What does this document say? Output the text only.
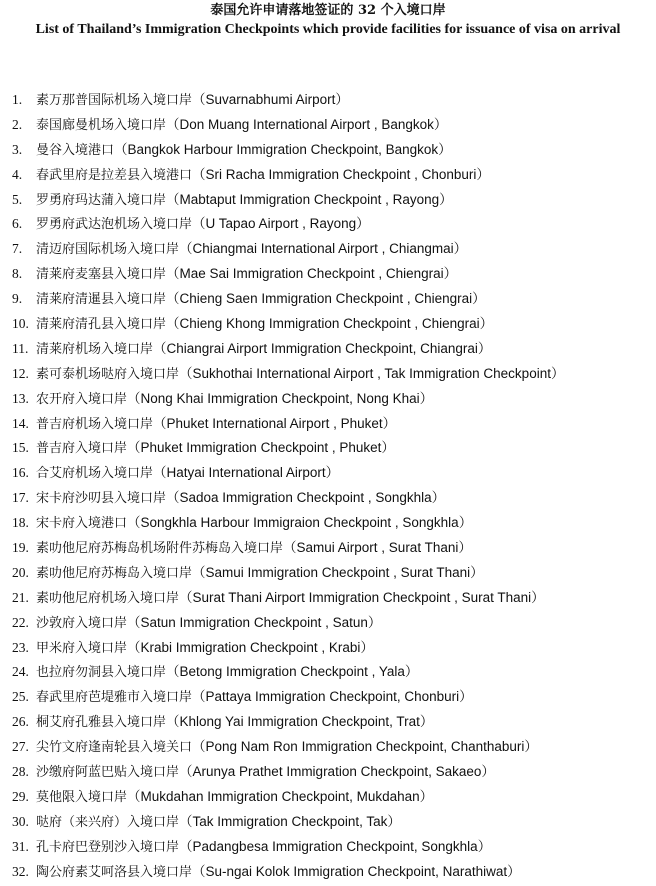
泰国允许申请落地签证的 32 个入境口岸
List of Thailand’s Immigration Checkpoints which provide facilities for issuance of visa on arrival
1.	素万那普国际机场入境口岸（Suvarnabhumi Airport）
2.	泰国廊曼机场入境口岸（Don Muang International Airport , Bangkok）
3.	曼谷入境港口（Bangkok Harbour Immigration Checkpoint, Bangkok）
4.	春武里府是拉差县入境港口（Sri Racha Immigration Checkpoint , Chonburi）
5.	罗勇府玛达蒲入境口岸（Mabtaput Immigration Checkpoint , Rayong）
6.	罗勇府武达泡机场入境口岸（U Tapao Airport , Rayong）
7.	清迈府国际机场入境口岸（Chiangmai International Airport , Chiangmai）
8.	清莱府麦塞县入境口岸（Mae Sai Immigration Checkpoint , Chiengrai）
9.	清莱府清暹县入境口岸（Chieng Saen Immigration Checkpoint , Chiengrai）
10. 清莱府清孔县入境口岸（Chieng Khong Immigration Checkpoint , Chiengrai）
11. 清莱府机场入境口岸（Chiangrai Airport Immigration Checkpoint, Chiangrai）
12. 素可泰机场哒府入境口岸（Sukhothai International Airport , Tak Immigration Checkpoint）
13. 农开府入境口岸（Nong Khai Immigration Checkpoint, Nong Khai）
14. 普吉府机场入境口岸（Phuket International Airport , Phuket）
15. 普吉府入境口岸（Phuket Immigration Checkpoint , Phuket）
16. 合艾府机场入境口岸（Hatyai International Airport）
17. 宋卡府沙叨县入境口岸（Sadoa Immigration Checkpoint , Songkhla）
18. 宋卡府入境港口（Songkhla Harbour Immigraion Checkpoint , Songkhla）
19. 素叻他尼府苏梅岛机场附件苏梅岛入境口岸（Samui Airport , Surat Thani）
20. 素叻他尼府苏梅岛入境口岸（Samui Immigration Checkpoint , Surat Thani）
21. 素叻他尼府机场入境口岸（Surat Thani Airport Immigration Checkpoint , Surat Thani）
22. 沙敦府入境口岸（Satun Immigration Checkpoint , Satun）
23. 甲米府入境口岸（Krabi Immigration Checkpoint , Krabi）
24. 也拉府勿洞县入境口岸（Betong Immigration Checkpoint , Yala）
25. 春武里府芭堤雅市入境口岸（Pattaya Immigration Checkpoint, Chonburi）
26. 桐艾府孔雅县入境口岸（Khlong Yai Immigration Checkpoint, Trat）
27. 尖竹文府逢南轮县入境关口（Pong Nam Ron Immigration Checkpoint, Chanthaburi）
28. 沙缴府阿蓝巴贴入境口岸（Arunya Prathet Immigration Checkpoint, Sakaeo）
29. 莫他限入境口岸（Mukdahan Immigration Checkpoint, Mukdahan）
30. 哒府（来兴府）入境口岸（Tak Immigration Checkpoint, Tak）
31. 孔卡府巴登别沙入境口岸（Padangbesa Immigration Checkpoint, Songkhla）
32. 陶公府素艾呵洛县入境口岸（Su-ngai Kolok Immigration Checkpoint, Narathiwat）
